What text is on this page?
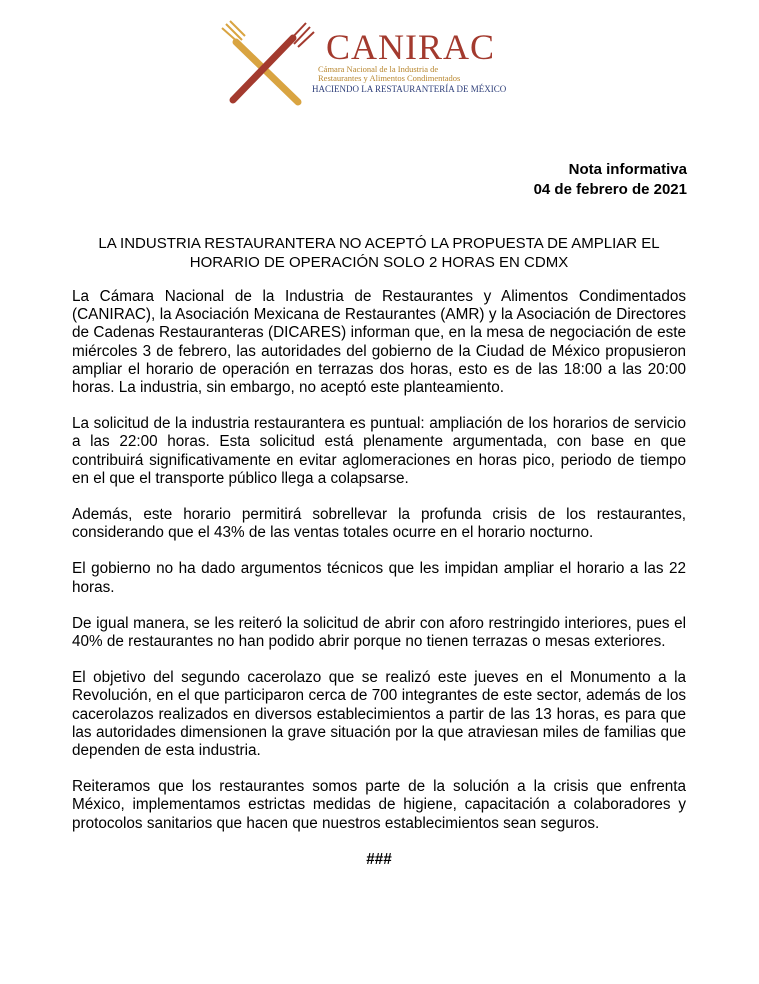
CANIRAC
Cámara Nacional de la Industria de
Restaurantes y Alimentos Condimentados
HACIENDO LA RESTAURANTERÍA DE MÉXICO
Nota informativa
04 de febrero de 2021
LA INDUSTRIA RESTAURANTERA NO ACEPTÓ LA PROPUESTA DE AMPLIAR EL HORARIO DE OPERACIÓN SOLO 2 HORAS EN CDMX

La Cámara Nacional de la Industria de Restaurantes y Alimentos Condimentados (CANIRAC), la Asociación Mexicana de Restaurantes (AMR) y la Asociación de Directores de Cadenas Restauranteras (DICARES) informan que, en la mesa de negociación de este miércoles 3 de febrero, las autoridades del gobierno de la Ciudad de México propusieron ampliar el horario de operación en terrazas dos horas, esto es de las 18:00 a las 20:00 horas. La industria, sin embargo, no aceptó este planteamiento.

La solicitud de la industria restaurantera es puntual: ampliación de los horarios de servicio a las 22:00 horas. Esta solicitud está plenamente argumentada, con base en que contribuirá significativamente en evitar aglomeraciones en horas pico, periodo de tiempo en el que el transporte público llega a colapsarse.

Además, este horario permitirá sobrellevar la profunda crisis de los restaurantes, considerando que el 43% de las ventas totales ocurre en el horario nocturno.

El gobierno no ha dado argumentos técnicos que les impidan ampliar el horario a las 22 horas.

De igual manera, se les reiteró la solicitud de abrir con aforo restringido interiores, pues el 40% de restaurantes no han podido abrir porque no tienen terrazas o mesas exteriores.

El objetivo del segundo cacerolazo que se realizó este jueves en el Monumento a la Revolución, en el que participaron cerca de 700 integrantes de este sector, además de los cacerolazos realizados en diversos establecimientos a partir de las 13 horas, es para que las autoridades dimensionen la grave situación por la que atraviesan miles de familias que dependen de esta industria.

Reiteramos que los restaurantes somos parte de la solución a la crisis que enfrenta México, implementamos estrictas medidas de higiene, capacitación a colaboradores y protocolos sanitarios que hacen que nuestros establecimientos sean seguros.

###
